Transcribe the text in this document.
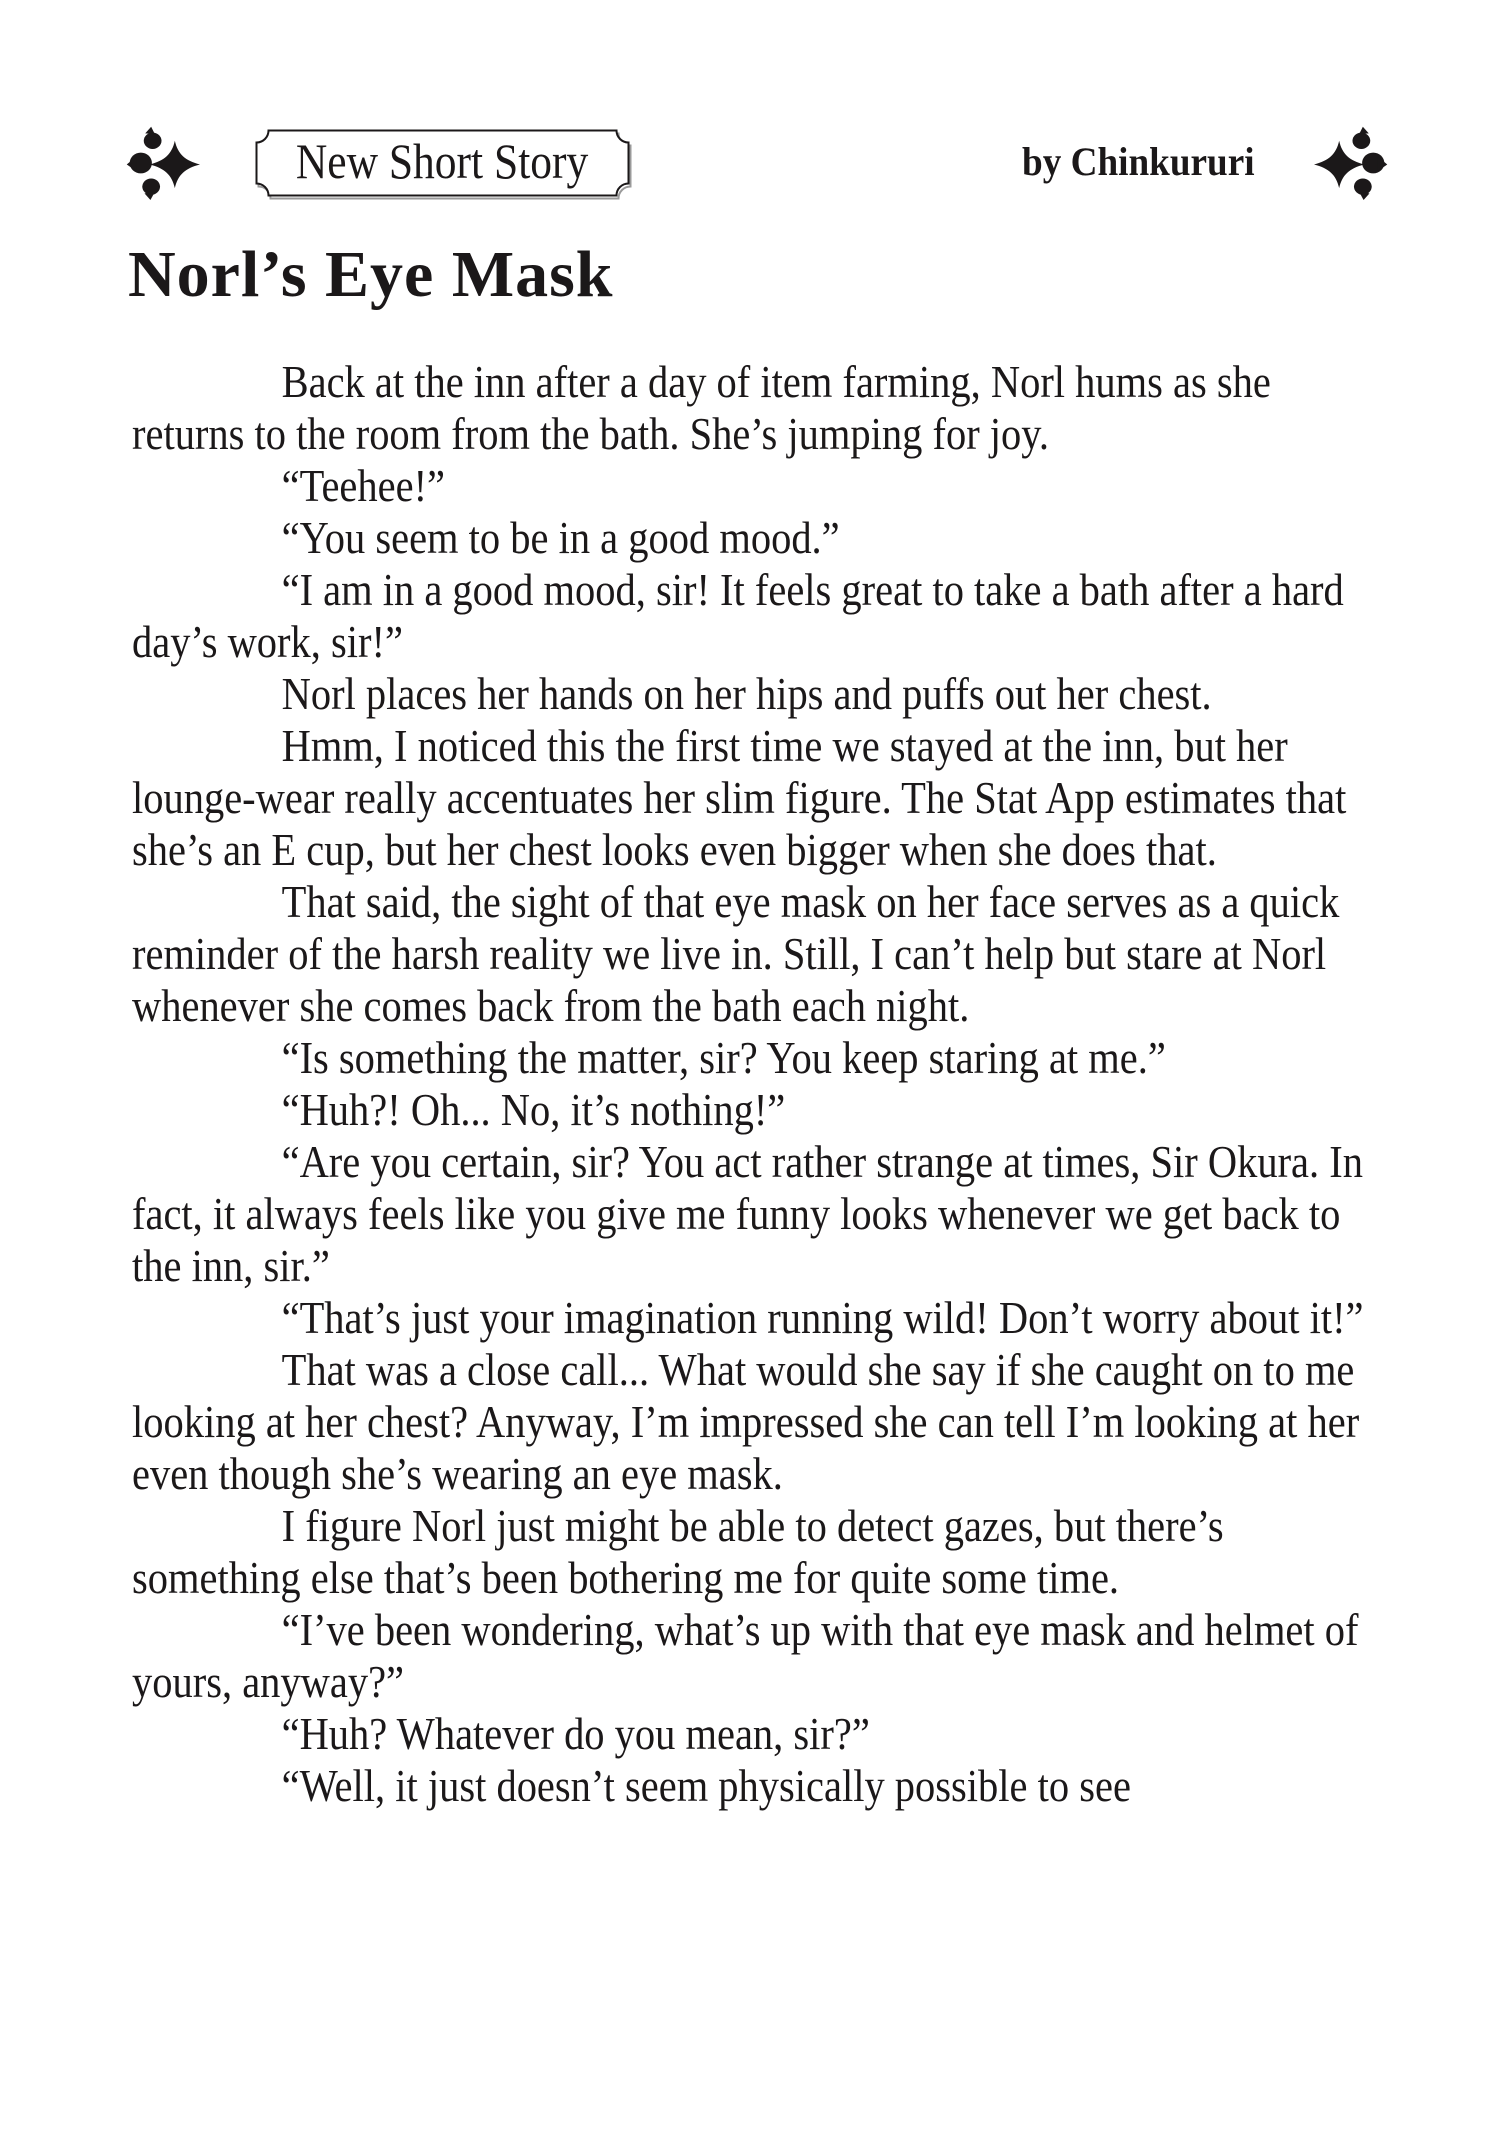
New Short Story	by Chinkururi
Norl’s Eye Mask

Back at the inn after a day of item farming, Norl hums as she returns to the room from the bath. She’s jumping for joy.

“Teehee!”

“You seem to be in a good mood.”

“I am in a good mood, sir! It feels great to take a bath after a hard day’s work, sir!”

Norl places her hands on her hips and puffs out her chest.

Hmm, I noticed this the first time we stayed at the inn, but her lounge-wear really accentuates her slim figure. The Stat App estimates that she’s an E cup, but her chest looks even bigger when she does that.

That said, the sight of that eye mask on her face serves as a quick reminder of the harsh reality we live in. Still, I can’t help but stare at Norl whenever she comes back from the bath each night.

“Is something the matter, sir? You keep staring at me.”

“Huh?! Oh... No, it’s nothing!”

“Are you certain, sir? You act rather strange at times, Sir Okura. In fact, it always feels like you give me funny looks whenever we get back to the inn, sir.”

“That’s just your imagination running wild! Don’t worry about it!”

That was a close call... What would she say if she caught on to me looking at her chest? Anyway, I’m impressed she can tell I’m looking at her even though she’s wearing an eye mask.

I figure Norl just might be able to detect gazes, but there’s something else that’s been bothering me for quite some time.

“I’ve been wondering, what’s up with that eye mask and helmet of yours, anyway?”

“Huh? Whatever do you mean, sir?”

“Well, it just doesn’t seem physically possible to see
